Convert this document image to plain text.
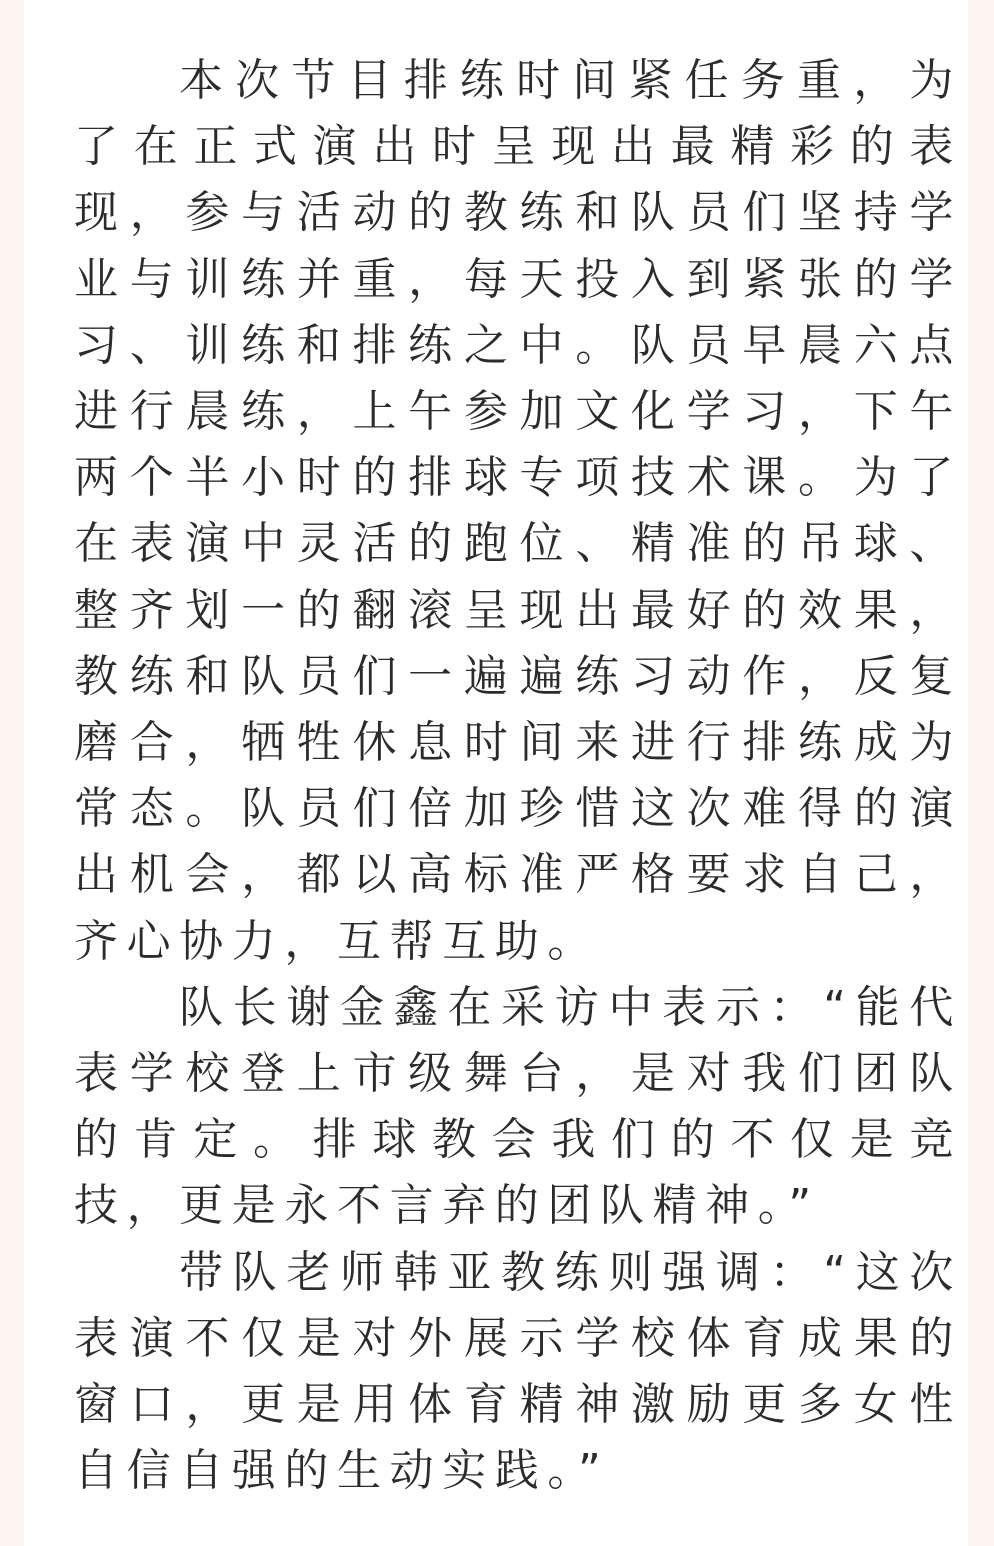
本次节目排练时间紧任务重，为了在正式演出时呈现出最精彩的表现，参与活动的教练和队员们坚持学业与训练并重，每天投入到紧张的学习、训练和排练之中。队员早晨六点进行晨练，上午参加文化学习，下午两个半小时的排球专项技术课。为了在表演中灵活的跑位、精准的吊球、整齐划一的翻滚呈现出最好的效果，教练和队员们一遍遍练习动作，反复磨合，牺牲休息时间来进行排练成为常态。队员们倍加珍惜这次难得的演出机会，都以高标准严格要求自己，齐心协力，互帮互助。

队长谢金鑫在采访中表示：“能代表学校登上市级舞台，是对我们团队的肯定。排球教会我们的不仅是竞技，更是永不言弃的团队精神。”

带队老师韩亚教练则强调：“这次表演不仅是对外展示学校体育成果的窗口，更是用体育精神激励更多女性自信自强的生动实践。”
